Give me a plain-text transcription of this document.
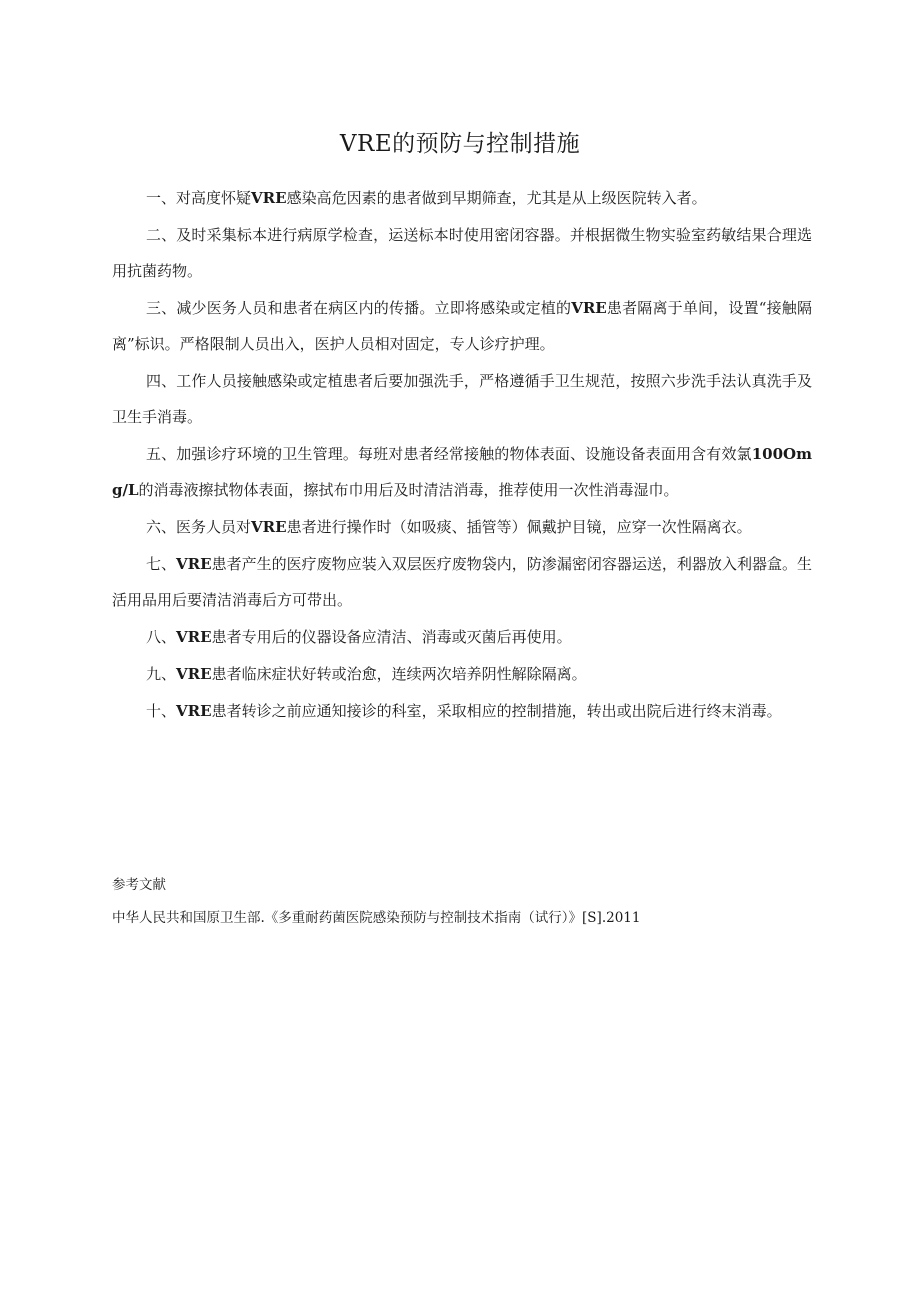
VRE的预防与控制措施

一、对高度怀疑VRE感染高危因素的患者做到早期筛查，尤其是从上级医院转入者。

二、及时采集标本进行病原学检查，运送标本时使用密闭容器。并根据微生物实验室药敏结果合理选用抗菌药物。

三、减少医务人员和患者在病区内的传播。立即将感染或定植的VRE患者隔离于单间，设置“接触隔离”标识。严格限制人员出入，医护人员相对固定，专人诊疗护理。

四、工作人员接触感染或定植患者后要加强洗手，严格遵循手卫生规范，按照六步洗手法认真洗手及卫生手消毒。

五、加强诊疗环境的卫生管理。每班对患者经常接触的物体表面、设施设备表面用含有效氯100Omg/L的消毒液擦拭物体表面，擦拭布巾用后及时清洁消毒，推荐使用一次性消毒湿巾。

六、医务人员对VRE患者进行操作时（如吸痰、插管等）佩戴护目镜，应穿一次性隔离衣。

七、VRE患者产生的医疗废物应装入双层医疗废物袋内，防渗漏密闭容器运送，利器放入利器盒。生活用品用后要清洁消毒后方可带出。

八、VRE患者专用后的仪器设备应清洁、消毒或灭菌后再使用。

九、VRE患者临床症状好转或治愈，连续两次培养阴性解除隔离。

十、VRE患者转诊之前应通知接诊的科室，采取相应的控制措施，转出或出院后进行终末消毒。

参考文献

中华人民共和国原卫生部.《多重耐药菌医院感染预防与控制技术指南（试行）》[S].2011
